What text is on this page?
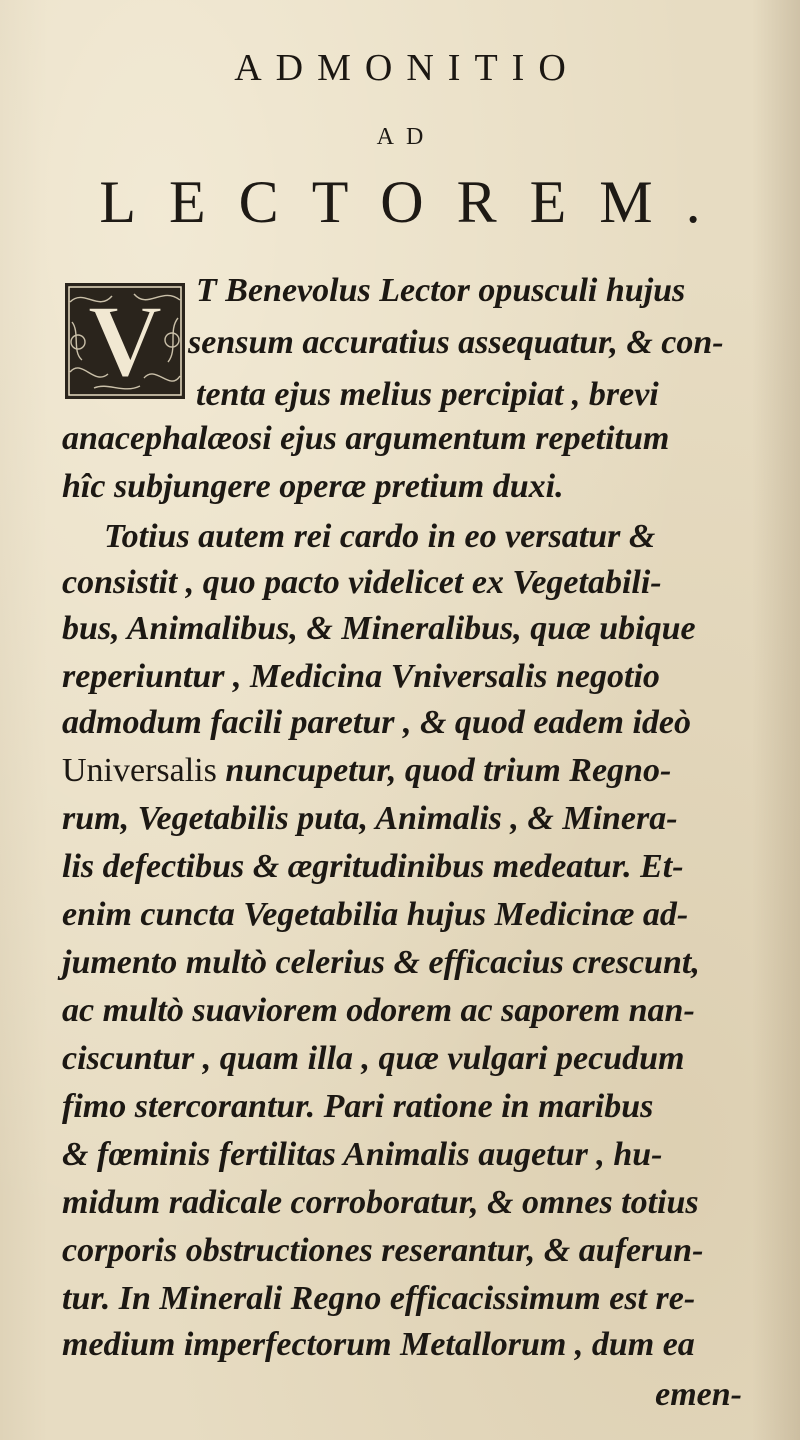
ADMONITIO
AD
LECTOREM.
V T Benevolus Lector opusculi hujus
sensum accuratius assequatur, & con-
tenta ejus melius percipiat , brevi
anacephalæosi ejus argumentum repetitum
hîc subjungere operæ pretium duxi.
Totius autem rei cardo in eo versatur &
consistit , quo pacto videlicet ex Vegetabili-
bus, Animalibus, & Mineralibus, quæ ubique
reperiuntur , Medicina Vniversalis negotio
admodum facili paretur , & quod eadem ideò
Universalis nuncupetur, quod trium Regno-
rum, Vegetabilis puta, Animalis , & Minera-
lis defectibus & ægritudinibus medeatur. Et-
enim cuncta Vegetabilia hujus Medicinæ ad-
jumento multò celerius & efficacius crescunt,
ac multò suaviorem odorem ac saporem nan-
ciscuntur , quam illa , quæ vulgari pecudum
fimo stercorantur. Pari ratione in maribus
& fœminis fertilitas Animalis augetur , hu-
midum radicale corroboratur, & omnes totius
corporis obstructiones reserantur, & auferun-
tur. In Minerali Regno efficacissimum est re-
medium imperfectorum Metallorum , dum ea
emen-
